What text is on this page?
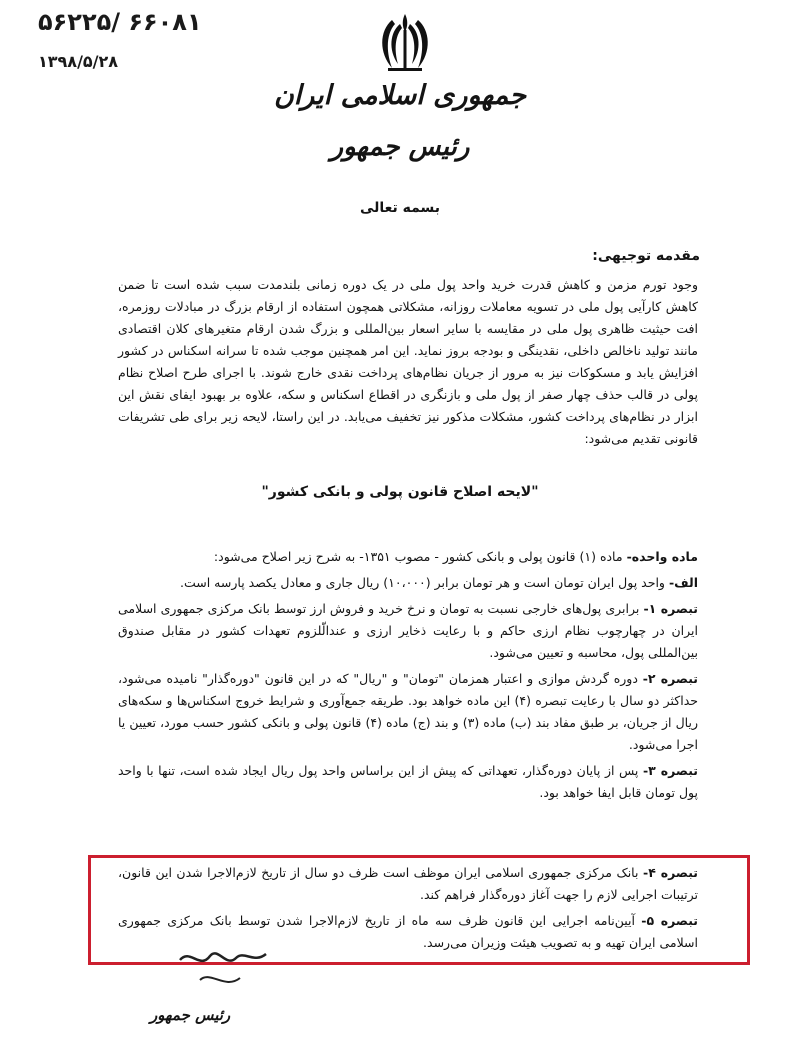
۵۶۲۲۵/ ۶۶۰۸۱
۱۳۹۸/۵/۲۸
جمهوری اسلامی ایران
رئیس جمهور
بسمه تعالی
مقدمه توجیهی:

وجود تورم مزمن و کاهش قدرت خرید واحد پول ملی در یک دوره زمانی بلندمدت سبب شده است تا ضمن کاهش کارآیی پول ملی در تسویه معاملات روزانه، مشکلاتی همچون استفاده از ارقام بزرگ در مبادلات روزمره، افت حیثیت ظاهری پول ملی در مقایسه با سایر اسعار بین‌المللی و بزرگ شدن ارقام متغیرهای کلان اقتصادی مانند تولید ناخالص داخلی، نقدینگی و بودجه بروز نماید. این امر همچنین موجب شده تا سرانه اسکناس در کشور افزایش یابد و مسکوکات نیز به مرور از جریان نظام‌های پرداخت نقدی خارج شوند. با اجرای طرح اصلاح نظام پولی در قالب حذف چهار صفر از پول ملی و بازنگری در اقطاع اسکناس و سکه، علاوه بر بهبود ایفای نقش این ابزار در نظام‌های پرداخت کشور، مشکلات مذکور نیز تخفیف می‌یابد. در این راستا، لایحه زیر برای طی تشریفات قانونی تقدیم می‌شود:

"لایحه اصلاح قانون پولی و بانکی کشور"

ماده واحده- ماده (۱) قانون پولی و بانکی کشور - مصوب ۱۳۵۱- به شرح زیر اصلاح می‌شود:

الف- واحد پول ایران تومان است و هر تومان برابر (۱۰،۰۰۰) ریال جاری و معادل یکصد پارسه است.

تبصره ۱- برابری پول‌های خارجی نسبت به تومان و نرخ خرید و فروش ارز توسط بانک مرکزی جمهوری اسلامی ایران در چهارچوب نظام ارزی حاکم و با رعایت ذخایر ارزی و عندالّلزوم تعهدات کشور در مقابل صندوق بین‌المللی پول، محاسبه و تعیین می‌شود.

تبصره ۲- دوره گردش موازی و اعتبار همزمان "تومان" و "ریال" که در این قانون "دوره‌گذار" نامیده می‌شود، حداکثر دو سال با رعایت تبصره (۴) این ماده خواهد بود. طریقه جمع‌آوری و شرایط خروج اسکناس‌ها و سکه‌های ریال از جریان، بر طبق مفاد بند (ب) ماده (۳) و بند (ج) ماده (۴) قانون پولی و بانکی کشور حسب مورد، تعیین یا اجرا می‌شود.

تبصره ۳- پس از پایان دوره‌گذار، تعهداتی که پیش از این براساس واحد پول ریال ایجاد شده است، تنها با واحد پول تومان قابل ایفا خواهد بود.

تبصره ۴- بانک مرکزی جمهوری اسلامی ایران موظف است ظرف دو سال از تاریخ لازم‌الاجرا شدن این قانون، ترتیبات اجرایی لازم را جهت آغاز دوره‌گذار فراهم کند.

تبصره ۵- آیین‌نامه اجرایی این قانون ظرف سه ماه از تاریخ لازم‌الاجرا شدن توسط بانک مرکزی جمهوری اسلامی ایران تهیه و به تصویب هیئت وزیران می‌رسد.

رئیس جمهور
